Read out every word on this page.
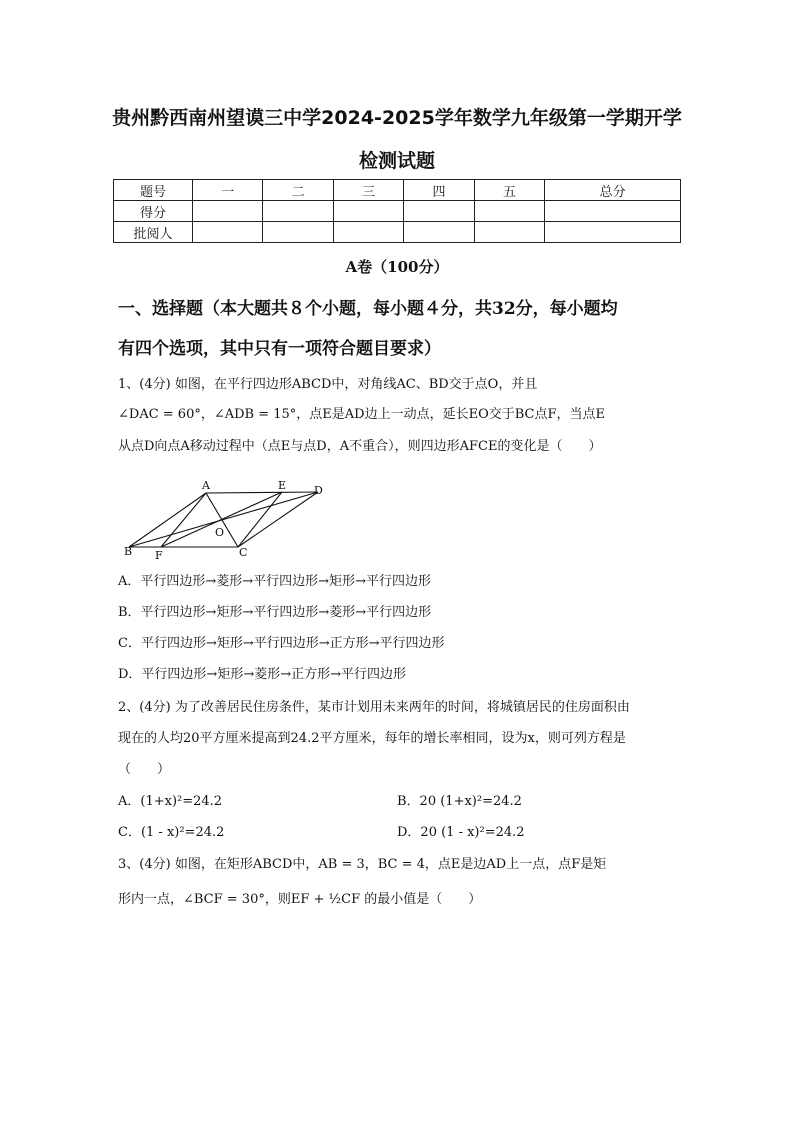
贵州黔西南州望谟三中学2024-2025学年数学九年级第一学期开学
检测试题
题号	一	二	三	四	五	总分
得分						
批阅人						
A卷（100分）
一、选择题（本大题共８个小题，每小题４分，共32分，每小题均
有四个选项，其中只有一项符合题目要求）
1、(4分) 如图，在平行四边形ABCD中，对角线AC、BD交于点O，并且
∠DAC = 60°，∠ADB = 15°，点E是AD边上一动点，延长EO交于BC点F，当点E
从点D向点A移动过程中（点E与点D，A不重合），则四边形AFCE的变化是（　　）
A	E	D
O
B F	C
A．平行四边形→菱形→平行四边形→矩形→平行四边形
B．平行四边形→矩形→平行四边形→菱形→平行四边形
C．平行四边形→矩形→平行四边形→正方形→平行四边形
D．平行四边形→矩形→菱形→正方形→平行四边形
2、(4分) 为了改善居民住房条件，某市计划用未来两年的时间，将城镇居民的住房面积由
现在的人均20平方厘米提高到24.2平方厘米，每年的增长率相同，设为x，则可列方程是
（　　）
A．(1+x)²=24.2	B．20 (1+x)²=24.2
C．(1 - x)²=24.2	D．20 (1 - x)²=24.2
3、(4分) 如图，在矩形ABCD中，AB = 3，BC = 4，点E是边AD上一点，点F是矩
形内一点，∠BCF = 30°，则EF + ½CF 的最小值是（　　）
